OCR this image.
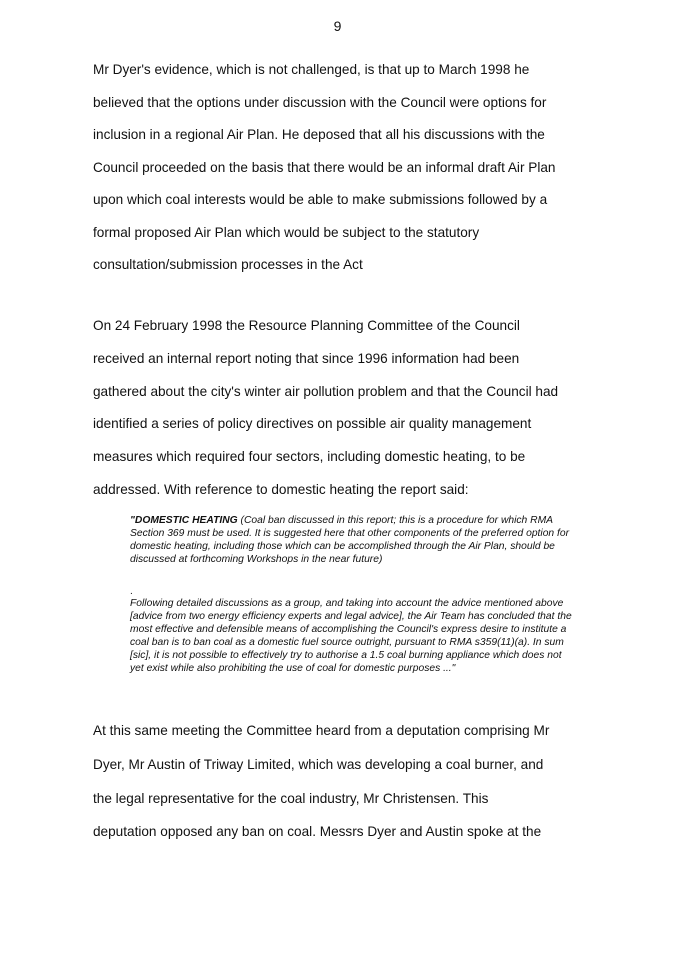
9
Mr Dyer's evidence, which is not challenged, is that up to March 1998 he
believed that the options under discussion with the Council were options for
inclusion in a regional Air Plan. He deposed that all his discussions with the
Council proceeded on the basis that there would be an informal draft Air Plan
upon which coal interests would be able to make submissions followed by a
formal proposed Air Plan which would be subject to the statutory
consultation/submission processes in the Act
On 24 February 1998 the Resource Planning Committee of the Council
received an internal report noting that since 1996 information had been
gathered about the city's winter air pollution problem and that the Council had
identified a series of policy directives on possible air quality management
measures which required four sectors, including domestic heating, to be
addressed. With reference to domestic heating the report said:
"DOMESTIC HEATING (Coal ban discussed in this report; this is a procedure for which RMA Section 369 must be used. It is suggested here that other components of the preferred option for domestic heating, including those which can be accomplished through the Air Plan, should be discussed at forthcoming Workshops in the near future)
.
Following detailed discussions as a group, and taking into account the advice mentioned above [advice from two energy efficiency experts and legal advice], the Air Team has concluded that the most effective and defensible means of accomplishing the Council's express desire to institute a coal ban is to ban coal as a domestic fuel source outright, pursuant to RMA s359(11)(a). In sum [sic], it is not possible to effectively try to authorise a 1.5 coal burning appliance which does not yet exist while also prohibiting the use of coal for domestic purposes ..."
At this same meeting the Committee heard from a deputation comprising Mr
Dyer, Mr Austin of Triway Limited, which was developing a coal burner, and
the legal representative for the coal industry, Mr Christensen. This
deputation opposed any ban on coal. Messrs Dyer and Austin spoke at the
